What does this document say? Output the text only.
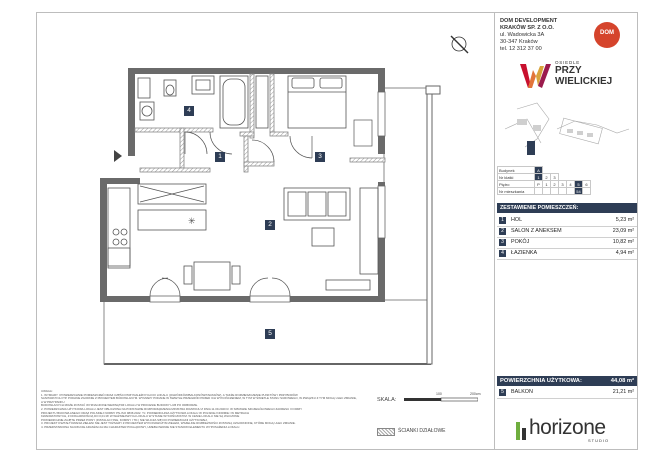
✳
1
2
3
4
5
DOM DEVELOPMENT
KRAKÓW SP. Z O.O.
ul. Wadowicka 3A
30-347 Kraków
tel. 12 312 37 00
DOM
OSIEDLE
PRZY
WIELICKIEJ
Budynek	A						
Nr klatki	1	2	3				
Piętro	P	1	2	3	4	5	6
Nr mieszkania						54	
ZESTAWIENIE POMIESZCZEŃ:
1	HOL	5,23 m²
2	SALON Z ANEKSEM	23,09 m²
3	POKÓJ	10,82 m²
4	ŁAZIENKA	4,94 m²
POWIERZCHNIA UŻYTKOWA:	44,08 m²
5	BALKON	21,21 m²

UWAGA:

1. WYMIARY I POWIERZCHNIE POMIESZCZEŃ ORAZ CZĘŚCI PRZYNALEŻNYCH DO LOKALU (OGRÓDKÓW/BALKONÓW/TARASÓW), A TAKŻE ROZMIESZCZENIE PUNKTÓW I PRZYBORÓW

SANITARNYCH ITP. PODANE ZGODNIE Z PROJEKTEM BUDOWLANYM. WYMIARY PODANE W ŚWIETLE PRZEGRÓD PRZED ICH WYKOŃCZENIEM, W TYM W ŚWIETLE STANU SUROWEGO, W ZWIĄZKU Z TYM MOGĄ ULEC ZMIANIE, A W PRZYPADKU

BUDOWLANYCH MOŻE ZOSTAĆ WYZNACZONE WEWNĄTRZ LOKALU W PROCESIE BUDOWY LUB PO ODBIORZE.

2. POWIERZCHNIA UŻYTKOWA LOKALU JEST OBLICZONA NA PODSTAWIE ROZPORZĄDZENIA MINISTRA ROZWOJU Z DNIA 11.09.2020 R. W SPRAWIE SZCZEGÓŁOWEGO ZAKRESU I FORMY

PROJEKTU BUDOWLANEGO ORAZ POLSKIEJ NORMY PN-ISO 9836:2022. TJ. POWIERZCHNIA UŻYTKOWA LOKALU W POLSKIEJ NORMIE I W METRACH

KWADRATOWYCH, Z DOKŁADNOŚCIĄ DO 0,01 M² W WAŻNIEJSZYCH LOKALU W STANIE WYKOŃCZONYM. W CENIE LOKALU NIE SĄ WLICZONE

POWIERZCHNIE ZAJĘTE PRZEZ PIONY (INSTALACYJNE, KOMINY I TD.) NIE WLICZA SIĘ DO POWIERZCHNI UŻYTKOWEJ.

3. PROJEKT KSZTAŁTOWANIA ZIELENI NIE JEST TOŻSAMY Z PROJEKTEM WYKONAWCZYM ZIELENI, WSZELKIE ROZBIEŻNOŚCI ZOSTANĄ UZGODNIONE, KTÓRE MOGĄ ULEC ZMIANIE.

4. PRZEDSTAWIONA NA RZUCIE ARANŻACJA MA CHARAKTER POGLĄDOWY, UMEBLOWANIE NIE STANOWI ELEMENTU WYPOSAŻENIA LOKALU.

SKALA:
100	200cm
ŚCIANKI DZIAŁOWE	horizone
STUDIO
